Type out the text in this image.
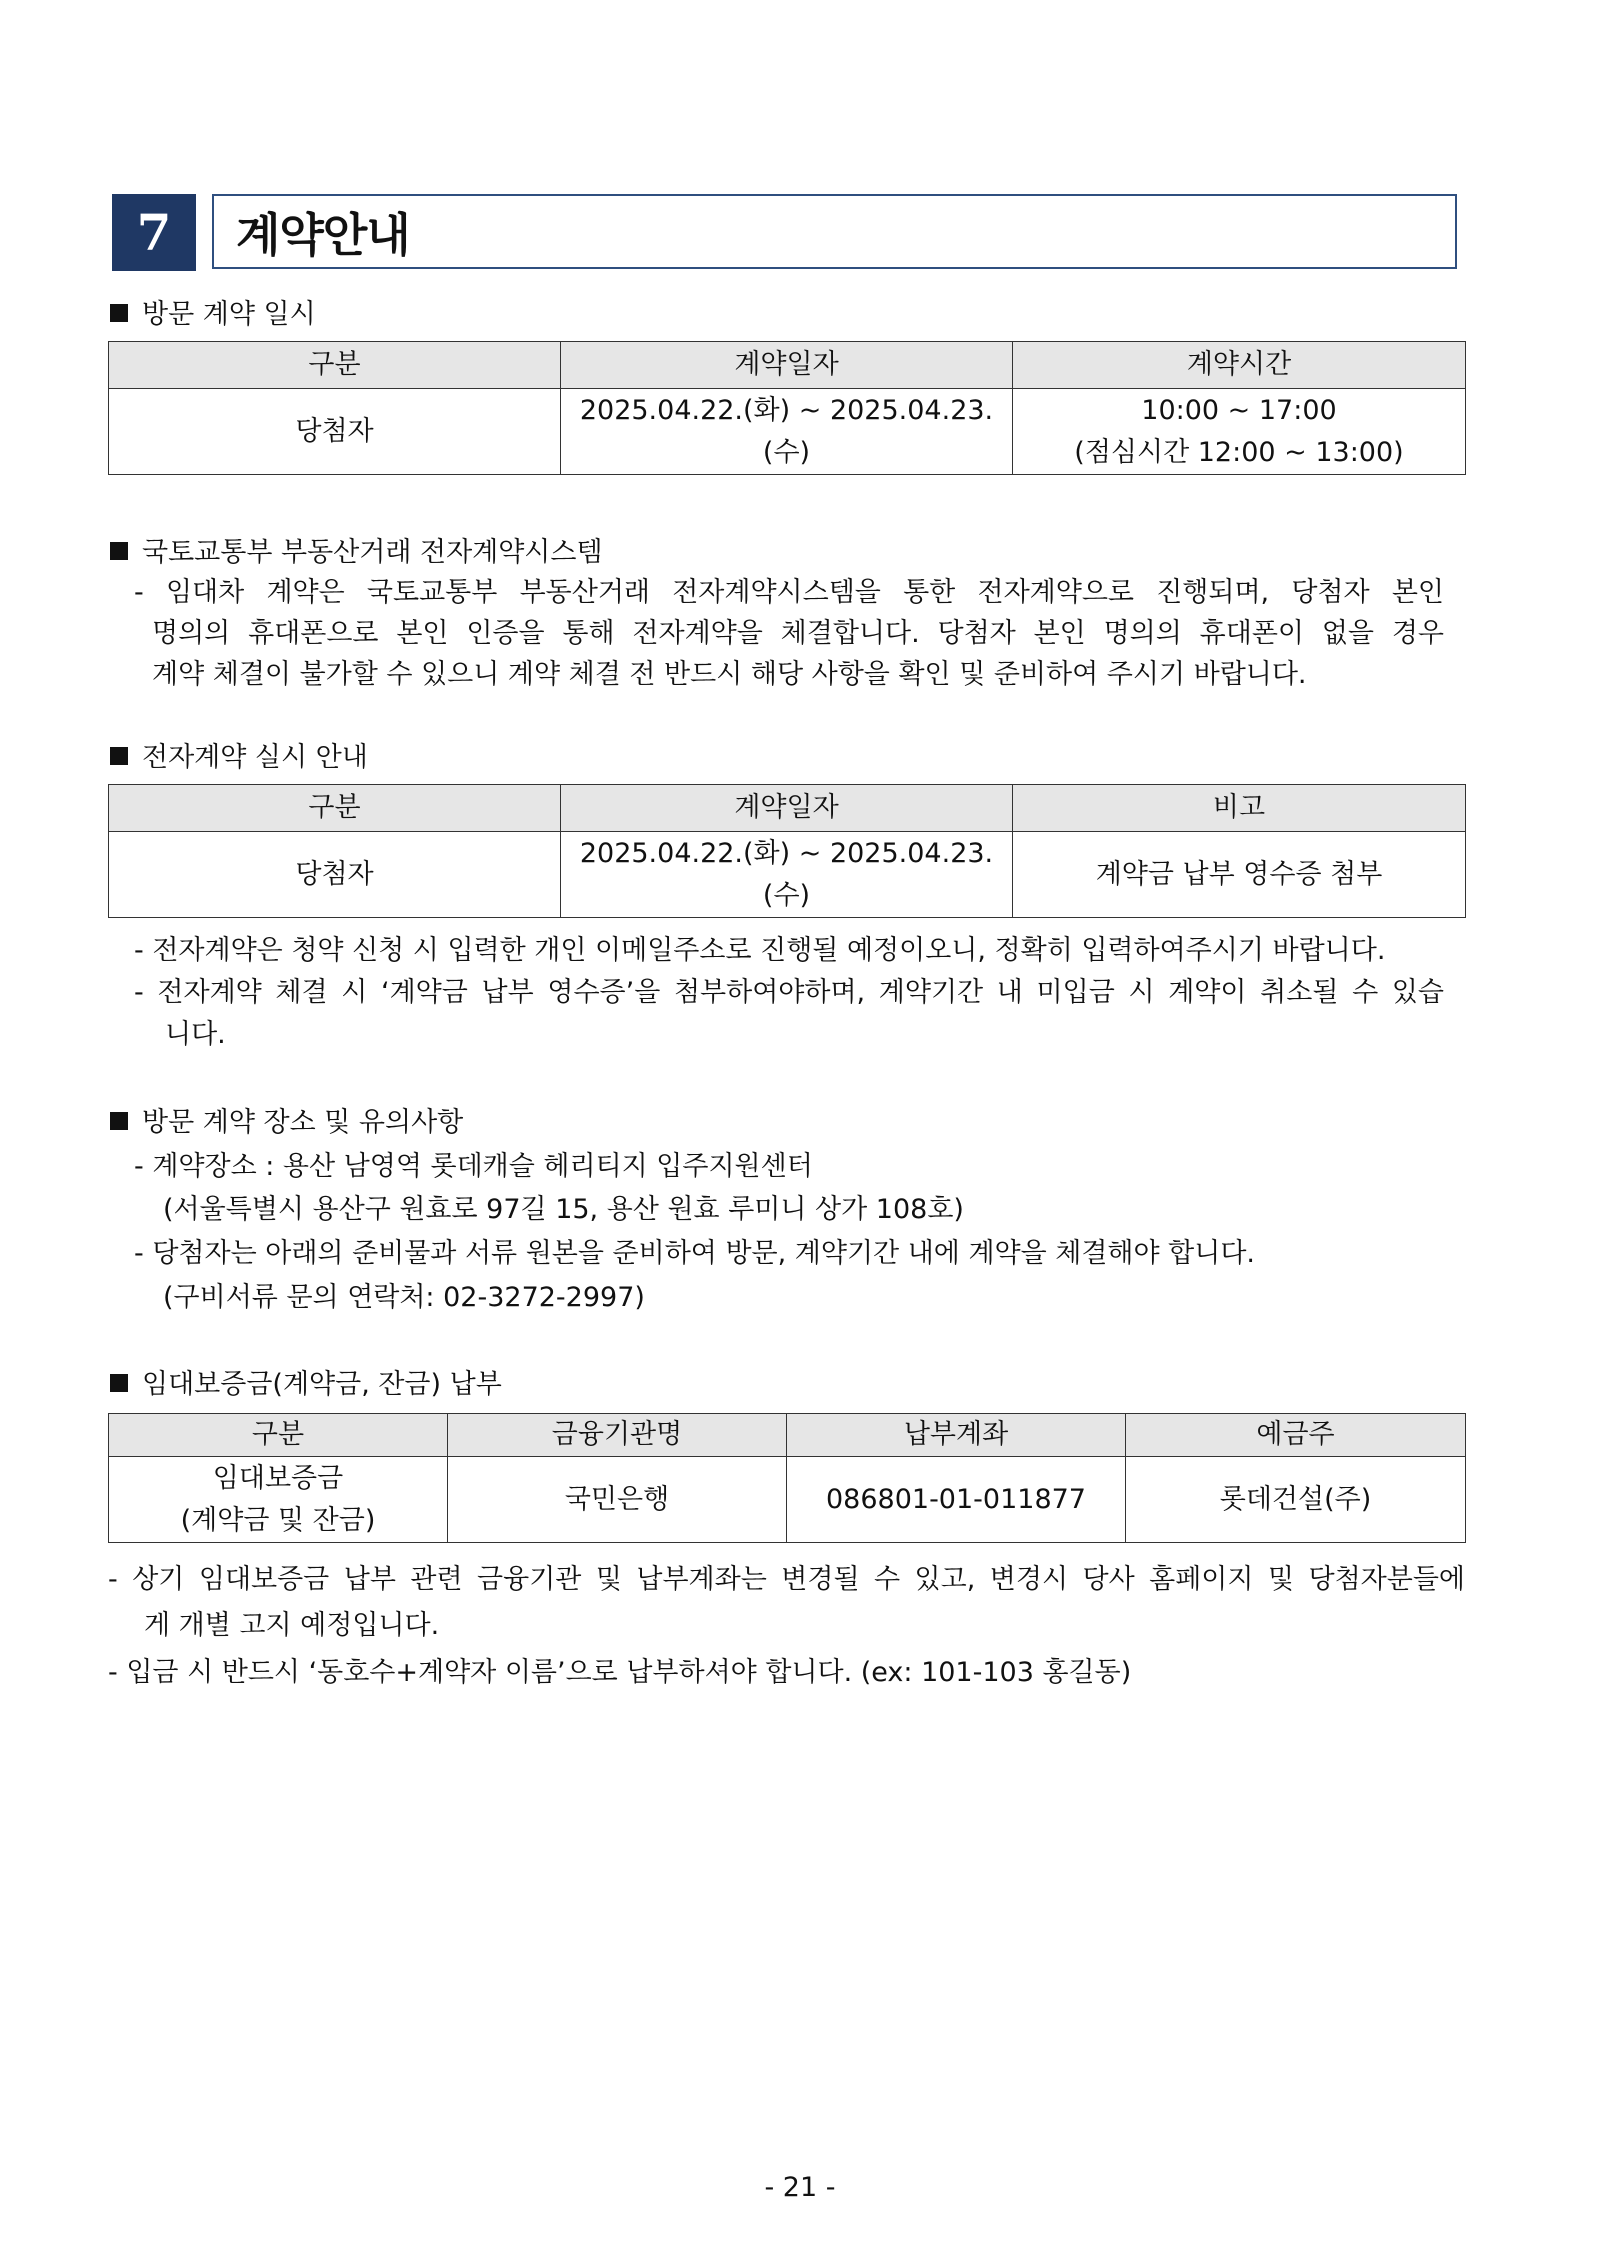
7	계약안내
방문 계약 일시
구분	계약일자	계약시간
당첨자	2025.04.22.(화) ~ 2025.04.23.(수)	10:00 ~ 17:00
(점심시간 12:00 ~ 13:00)
국토교통부 부동산거래 전자계약시스템
- 임대차 계약은 국토교통부 부동산거래 전자계약시스템을 통한 전자계약으로 진행되며, 당첨자 본인
명의의 휴대폰으로 본인 인증을 통해 전자계약을 체결합니다. 당첨자 본인 명의의 휴대폰이 없을 경우
계약 체결이 불가할 수 있으니 계약 체결 전 반드시 해당 사항을 확인 및 준비하여 주시기 바랍니다.
전자계약 실시 안내
구분	계약일자	비고
당첨자	2025.04.22.(화) ~ 2025.04.23.(수)	계약금 납부 영수증 첨부
- 전자계약은 청약 신청 시 입력한 개인 이메일주소로 진행될 예정이오니, 정확히 입력하여주시기 바랍니다.
- 전자계약 체결 시 ‘계약금 납부 영수증’을 첨부하여야하며, 계약기간 내 미입금 시 계약이 취소될 수 있습
니다.
방문 계약 장소 및 유의사항
- 계약장소 : 용산 남영역 롯데캐슬 헤리티지 입주지원센터
(서울특별시 용산구 원효로 97길 15, 용산 원효 루미니 상가 108호)
- 당첨자는 아래의 준비물과 서류 원본을 준비하여 방문, 계약기간 내에 계약을 체결해야 합니다.
(구비서류 문의 연락처: 02-3272-2997)
임대보증금(계약금, 잔금) 납부
구분	금융기관명	납부계좌	예금주

임대보증금
(계약금 및 잔금)	국민은행	086801-01-011877	롯데건설(주)
- 상기 임대보증금 납부 관련 금융기관 및 납부계좌는 변경될 수 있고, 변경시 당사 홈페이지 및 당첨자분들에
게 개별 고지 예정입니다.
- 입금 시 반드시 ‘동호수+계약자 이름’으로 납부하셔야 합니다. (ex: 101-103 홍길동)
- 21 -
